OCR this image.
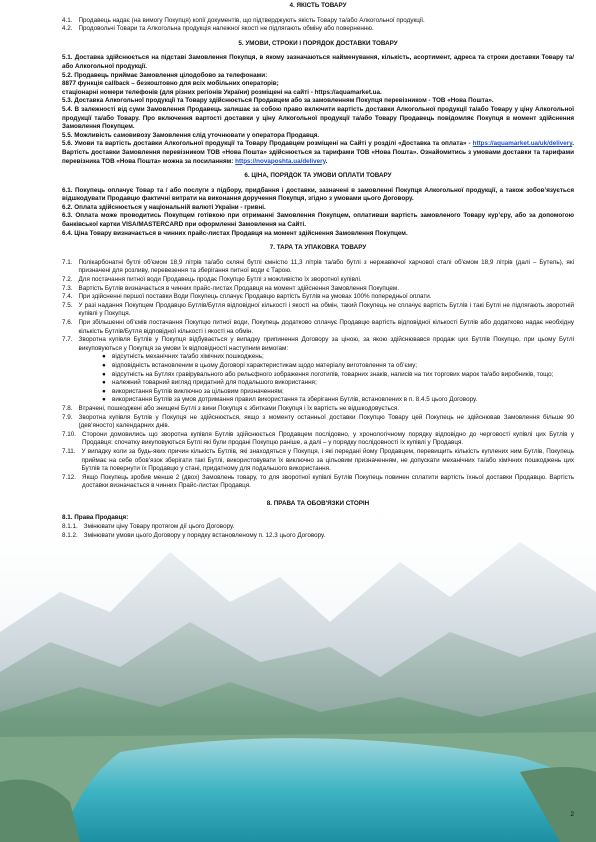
4. ЯКІСТЬ ТОВАРУ
4.1. Продавець надає (на вимогу Покупця) копії документів, що підтверджують якість Товару та/або Алкогольної продукції.
4.2. Продовольчі Товари та Алкогольна продукція належної якості не підлягають обміну або поверненню.
5. УМОВИ, СТРОКИ І ПОРЯДОК ДОСТАВКИ ТОВАРУ

5.1. Доставка здійснюється на підставі Замовлення Покупця, в якому зазначаються найменування, кількість, асортимент, адреса та строки доставки Товару та/або Алкогольної продукції.

5.2. Продавець приймає Замовлення цілодобово за телефонами:

8877 функція callback – безкоштовно для всіх мобільних операторів;

стаціонарні номери телефонів (для різних регіонів України) розміщені на сайті - https://aquamarket.ua.

5.3. Доставка Алкогольної продукції та Товару здійснюється Продавцем або за замовленням Покупця перевізником - ТОВ «Нова Пошта».

5.4. В залежності від суми Замовлення Продавець залишає за собою право включити вартість доставки Алкогольної продукції та/або Товару у ціну Алкогольної продукції та/або Товару. Про включення вартості доставки у ціну Алкогольної продукції та/або Товару Продавець повідомляє Покупця в момент здійснення Замовлення Покупцем.

5.5. Можливість самовивозу Замовлення слід уточнювати у оператора Продавця.

5.6. Умови та вартість доставки Алкогольної продукції та Товару Продавцем розміщені на Сайті у розділі «Доставка та оплата» - https://aquamarket.ua/uk/delivery. Вартість доставки Замовлення перевізником ТОВ «Нова Пошта» здійснюється за тарифами ТОВ «Нова Пошта». Ознайомитись з умовами доставки та тарифами перевізника ТОВ «Нова Пошта» можна за посиланням: https://novaposhta.ua/delivery.

6. ЦІНА, ПОРЯДОК ТА УМОВИ ОПЛАТИ ТОВАРУ

6.1. Покупець оплачує Товар та / або послуги з підбору, придбання і доставки, зазначені в замовленні Покупця Алкогольної продукції, а також зобов’язується відшкодувати Продавцю фактичні витрати на виконання доручення Покупця, згідно з умовами цього Договору.

6.2. Оплата здійснюється у національній валюті України - гривні.

6.3. Оплата може проводитись Покупцем готівкою при отриманні Замовлення Покупцем, оплативши вартість замовленого Товару кур’єру, або за допомогою банківської картки VISA/MASTERCARD при оформленні Замовлення на Сайті.

6.4. Ціна Товару визначається в чинних прайс-листах Продавця на момент здійснення Замовлення Покупцем.

7. ТАРА ТА УПАКОВКА ТОВАРУ
7.1. Полікарбонатні бутлі об'ємом 18,9 літрів та/або скляні бутлі ємністю 11,3 літрів та/або бутлі з нержавіючої харчової сталі об'ємом 18,9 літрів (далі – Бутель), які призначені для розливу, перевезення та зберігання питної води є Тарою.
7.2. Для постачання питної води Продавець продає Покупцю Бутлі з можливістю їх зворотної купівлі.
7.3. Вартість Бутлів визначається в чинних прайс-листах Продавця на момент здійснення Замовлення Покупцем.
7.4. При здійсненні першої поставки Води Покупець сплачує Продавцю вартість Бутлів на умовах 100% попередньої оплати.
7.5. У разі надання Покупцем Продавцю Бутлів/Бутля відповідної кількості і якості на обмін, такий Покупець не сплачує вартість Бутлів і такі Бутлі не підлягають зворотній купівлі у Покупця.
7.6. При збільшенні об'ємів постачання Покупцю питної води, Покупець додатково сплачує Продавцю вартість відповідної кількості Бутлів або додатково надає необхідну кількість Бутлів/Бутля відповідної кількості і якості на обмін.
7.7. Зворотна купівля Бутлів у Покупця відбувається у випадку припинення Договору за ціною, за якою здійснювався продаж цих Бутлів Покупцю, при цьому Бутлі викуповуються у Покупця за умови їх відповідності наступним вимогам:
● відсутність механічних та/або хімічних пошкоджень;
● відповідність встановленим в цьому Договорі характеристикам щодо матеріалу виготовлення та об’єму;
● відсутність на Бутлях гравірувального або рельєфного зображення логотипів, товарних знаків, написів на тих торгових марок та/або виробників, тощо;
● належний товарний вигляд придатний для подальшого використання;
● використання Бутлів виключно за цільовим призначенням;
● використання Бутлів за умов дотримання правил використання та зберігання Бутлів, встановлених в п. 8.4.5 цього Договору.
7.8. Втрачені, пошкоджені або знищені Бутлі з вини Покупця є збитками Покупця і їх вартість не відшкодовується.
7.9. Зворотна купівля Бутлів у Покупця не здійснюється, якщо з моменту останньої доставки Покупцю Товару цей Покупець не здійснював Замовлення більше 90 (дев’яносто) календарних днів.
7.10. Сторони домовились що зворотна купівля Бутлів здійснюється Продавцем послідовно, у хронологічному порядку відповідно до черговості купівлі цих Бутлів у Продавця: спочатку викуповуються Бутлі які були продані Покупцю раніше, а далі – у порядку послідовності їх купівлі у Продавця.
7.11. У випадку коли за будь-яких причин кількість Бутлів, які знаходяться у Покупця, і які передані йому Продавцем, перевищить кількість куплених ним Бутлів, Покупець приймає на себе обов’язок зберігати такі Бутлі, використовувати їх виключно за цільовим призначенням, не допускати механічних та/або хімічних пошкоджень цих Бутлів та повернути їх Продавцю у стані, придатному для подальшого використання.
7.12. Якщо Покупець зробив менше 2 (двох) Замовлень товару, то для зворотної купівлі Бутлів Покупець повинен сплатити вартість їхньої доставки Продавцю. Вартість доставки визначається в чинних Прайс-листах Продавця.
8. ПРАВА ТА ОБОВ'ЯЗКИ СТОРІН

8.1. Права Продавця:

8.1.1. Змінювати ціну Товару протягом дії цього Договору.
8.1.2. Змінювати умови цього Договору у порядку встановленому п. 12.3 цього Договору.
2
